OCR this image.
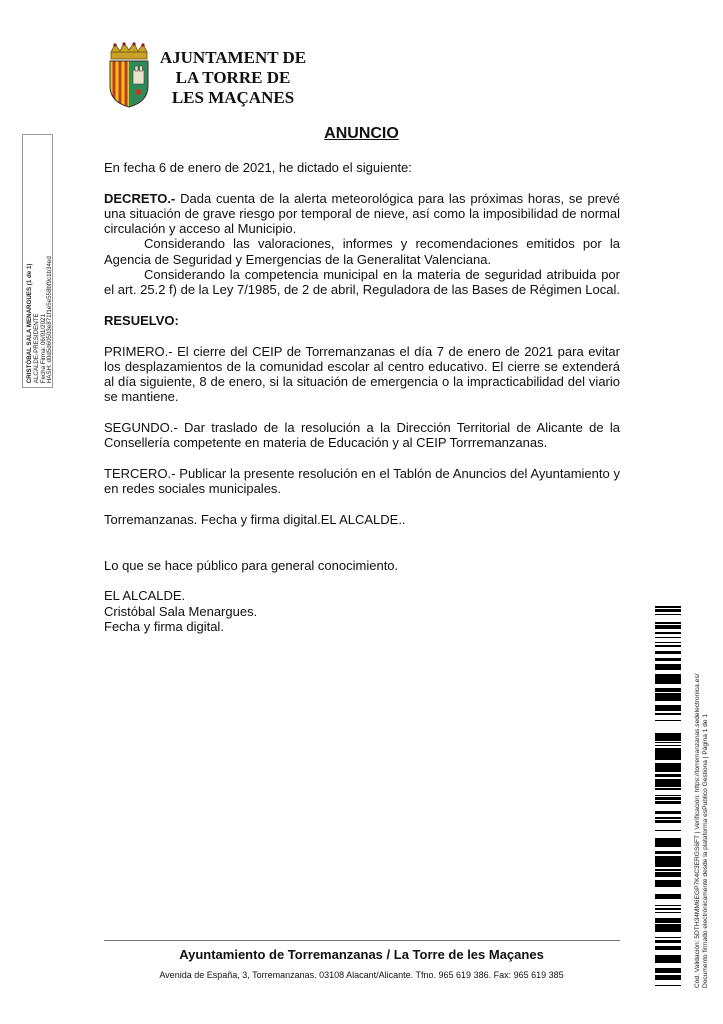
AJUNTAMENT DE
LA TORRE DE
LES MAÇANES
CRISTÓBAL SALA MENARGUES (1 de 1) ALCALDE-PRESIDENTE Fecha Firma: 06/01/2021 HASH: d0d5d60503e871f1e5e558bf9c1b34ed
ANUNCIO

En fecha 6 de enero de 2021, he dictado el siguiente:

DECRETO.- Dada cuenta de la alerta meteorológica para las próximas horas, se prevé una situación de grave riesgo por temporal de nieve, así como la imposibilidad de normal circulación y acceso al Municipio.

Considerando las valoraciones, informes y recomendaciones emitidos por la Agencia de Seguridad y Emergencias de la Generalitat Valenciana.

Considerando la competencia municipal en la materia de seguridad atribuida por el art. 25.2 f) de la Ley 7/1985, de 2 de abril, Reguladora de las Bases de Régimen Local.

RESUELVO:

PRIMERO.- El cierre del CEIP de Torremanzanas el día 7 de enero de 2021 para evitar los desplazamientos de la comunidad escolar al centro educativo. El cierre se extenderá al día siguiente, 8 de enero, si la situación de emergencia o la impracticabilidad del viario se mantiene.

SEGUNDO.- Dar traslado de la resolución a la Dirección Territorial de Alicante de la Consellería competente en materia de Educación y al CEIP Torrremanzanas.

TERCERO.- Publicar la presente resolución en el Tablón de Anuncios del Ayuntamiento y en redes sociales municipales.

Torremanzanas. Fecha y firma digital.EL ALCALDE..

Lo que se hace público para general conocimiento.

EL ALCALDE.

Cristóbal Sala Menargues.

Fecha y firma digital.

Ayuntamiento de Torremanzanas / La Torre de les Maçanes
Avenida de España, 3, Torremanzanas. 03108 Alacant/Alicante. Tfno. 965 619 386. Fax: 965 619 385	Cód. Validación: 5DTH34MM6EGP7K4C3ERGS6FT | Verificación: https://torremanzanas.sedelectronica.es/ Documento firmado electrónicamente desde la plataforma esPublico Gestiona | Página 1 de 1
